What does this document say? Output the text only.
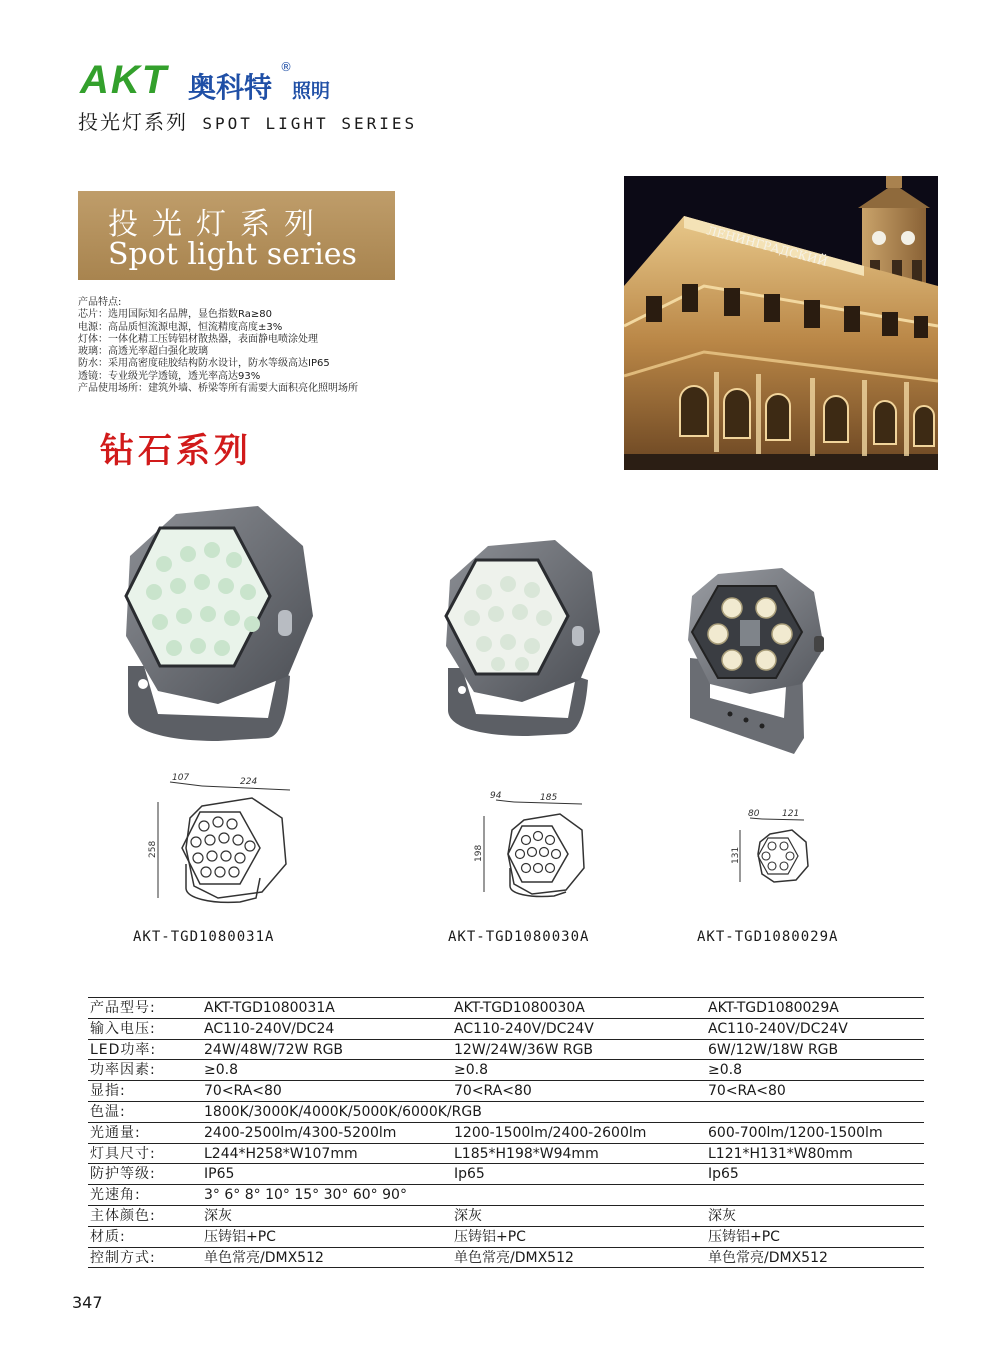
AKT 奥科特
®
照明
投光灯系列 SPOT LIGHT SERIES
投光灯系列
Spot light series
产品特点:
芯片：选用国际知名品牌，显色指数Ra≥80
电源：高品质恒流源电源，恒流精度高度±3%
灯体：一体化精工压铸铝材散热器，表面静电喷涂处理
玻璃：高透光率超白强化玻璃
防水：采用高密度硅胶结构防水设计，防水等级高达IP65
透镜：专业级光学透镜，透光率高达93%
产品使用场所：建筑外墙、桥梁等所有需要大面积亮化照明场所
钻石系列
ЛЕНИНГРАДСКИЙ
107	224
258
94	185
198
80	121
131
AKT-TGD1080031A	AKT-TGD1080030A	AKT-TGD1080029A
产品型号:	AKT-TGD1080031A	AKT-TGD1080030A	AKT-TGD1080029A
输入电压:	AC110-240V/DC24	AC110-240V/DC24V	AC110-240V/DC24V
LED功率:	24W/48W/72W RGB	12W/24W/36W RGB	6W/12W/18W RGB
功率因素:	≥0.8	≥0.8	≥0.8
显指:	70<RA<80	70<RA<80	70<RA<80
色温:	1800K/3000K/4000K/5000K/6000K/RGB
光通量:	2400-2500lm/4300-5200lm	1200-1500lm/2400-2600lm	600-700lm/1200-1500lm
灯具尺寸:	L244*H258*W107mm	L185*H198*W94mm	L121*H131*W80mm
防护等级:	IP65	Ip65	Ip65
光速角:	3° 6° 8° 10° 15° 30° 60° 90°
主体颜色:	深灰	深灰	深灰
材质:	压铸铝+PC	压铸铝+PC	压铸铝+PC
控制方式:	单色常亮/DMX512	单色常亮/DMX512	单色常亮/DMX512
347
